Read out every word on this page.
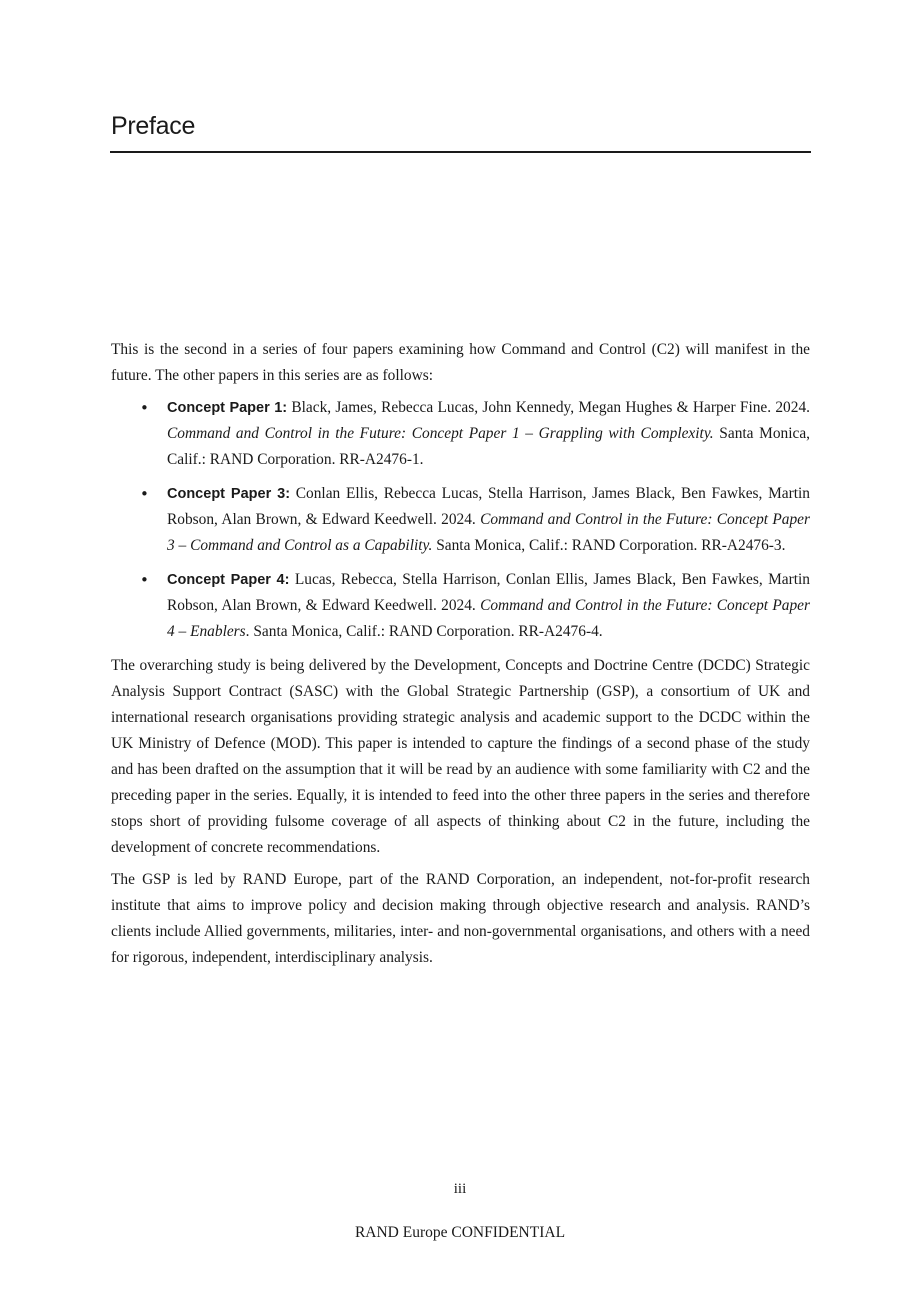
Preface

This is the second in a series of four papers examining how Command and Control (C2) will manifest in the future. The other papers in this series are as follows:

• Concept Paper 1: Black, James, Rebecca Lucas, John Kennedy, Megan Hughes & Harper Fine. 2024. Command and Control in the Future: Concept Paper 1 – Grappling with Complexity. Santa Monica, Calif.: RAND Corporation. RR-A2476-1.
• Concept Paper 3: Conlan Ellis, Rebecca Lucas, Stella Harrison, James Black, Ben Fawkes, Martin Robson, Alan Brown, & Edward Keedwell. 2024. Command and Control in the Future: Concept Paper 3 – Command and Control as a Capability. Santa Monica, Calif.: RAND Corporation. RR-A2476-3.
• Concept Paper 4: Lucas, Rebecca, Stella Harrison, Conlan Ellis, James Black, Ben Fawkes, Martin Robson, Alan Brown, & Edward Keedwell. 2024. Command and Control in the Future: Concept Paper 4 – Enablers. Santa Monica, Calif.: RAND Corporation. RR-A2476-4.

The overarching study is being delivered by the Development, Concepts and Doctrine Centre (DCDC) Strategic Analysis Support Contract (SASC) with the Global Strategic Partnership (GSP), a consortium of UK and international research organisations providing strategic analysis and academic support to the DCDC within the UK Ministry of Defence (MOD). This paper is intended to capture the findings of a second phase of the study and has been drafted on the assumption that it will be read by an audience with some familiarity with C2 and the preceding paper in the series. Equally, it is intended to feed into the other three papers in the series and therefore stops short of providing fulsome coverage of all aspects of thinking about C2 in the future, including the development of concrete recommendations.

The GSP is led by RAND Europe, part of the RAND Corporation, an independent, not-for-profit research institute that aims to improve policy and decision making through objective research and analysis. RAND’s clients include Allied governments, militaries, inter- and non-governmental organisations, and others with a need for rigorous, independent, interdisciplinary analysis.

iii
RAND Europe CONFIDENTIAL
